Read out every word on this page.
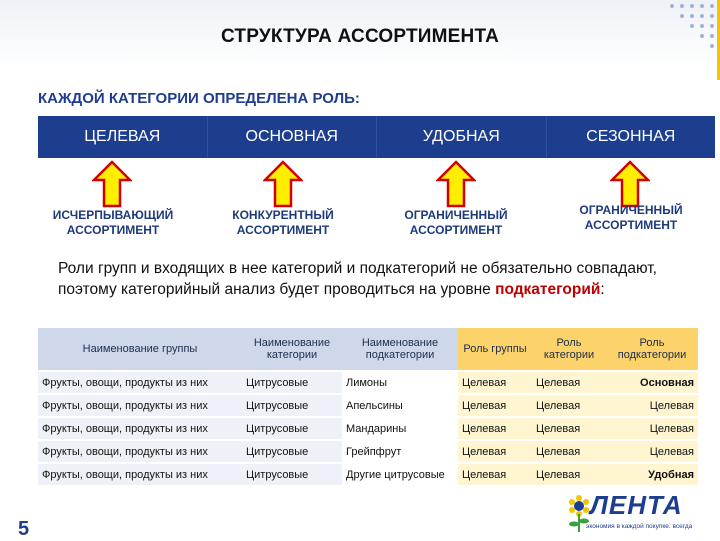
СТРУКТУРА АССОРТИМЕНТА
КАЖДОЙ КАТЕГОРИИ ОПРЕДЕЛЕНА РОЛЬ:
ЦЕЛЕВАЯ	ОСНОВНАЯ	УДОБНАЯ	СЕЗОННАЯ
ИСЧЕРПЫВАЮЩИЙ
АССОРТИМЕНТ
КОНКУРЕНТНЫЙ
АССОРТИМЕНТ
ОГРАНИЧЕННЫЙ
АССОРТИМЕНТ
ОГРАНИЧЕННЫЙ
АССОРТИМЕНТ
Роли групп и входящих в нее категорий и подкатегорий не обязательно совпадают, поэтому категорийный анализ будет проводиться на уровне подкатегорий:
Наименование группы	Наименование категории	Наименование подкатегории	Роль группы	Роль категории	Роль подкатегории
Фрукты, овощи, продукты из них	Цитрусовые	Лимоны	Целевая	Целевая	Основная
Фрукты, овощи, продукты из них	Цитрусовые	Апельсины	Целевая	Целевая	Целевая
Фрукты, овощи, продукты из них	Цитрусовые	Мандарины	Целевая	Целевая	Целевая
Фрукты, овощи, продукты из них	Цитрусовые	Грейпфрут	Целевая	Целевая	Целевая
Фрукты, овощи, продукты из них	Цитрусовые	Другие цитрусовые	Целевая	Целевая	Удобная
5
ЛЕНТА
экономия в каждой покупке. всегда
